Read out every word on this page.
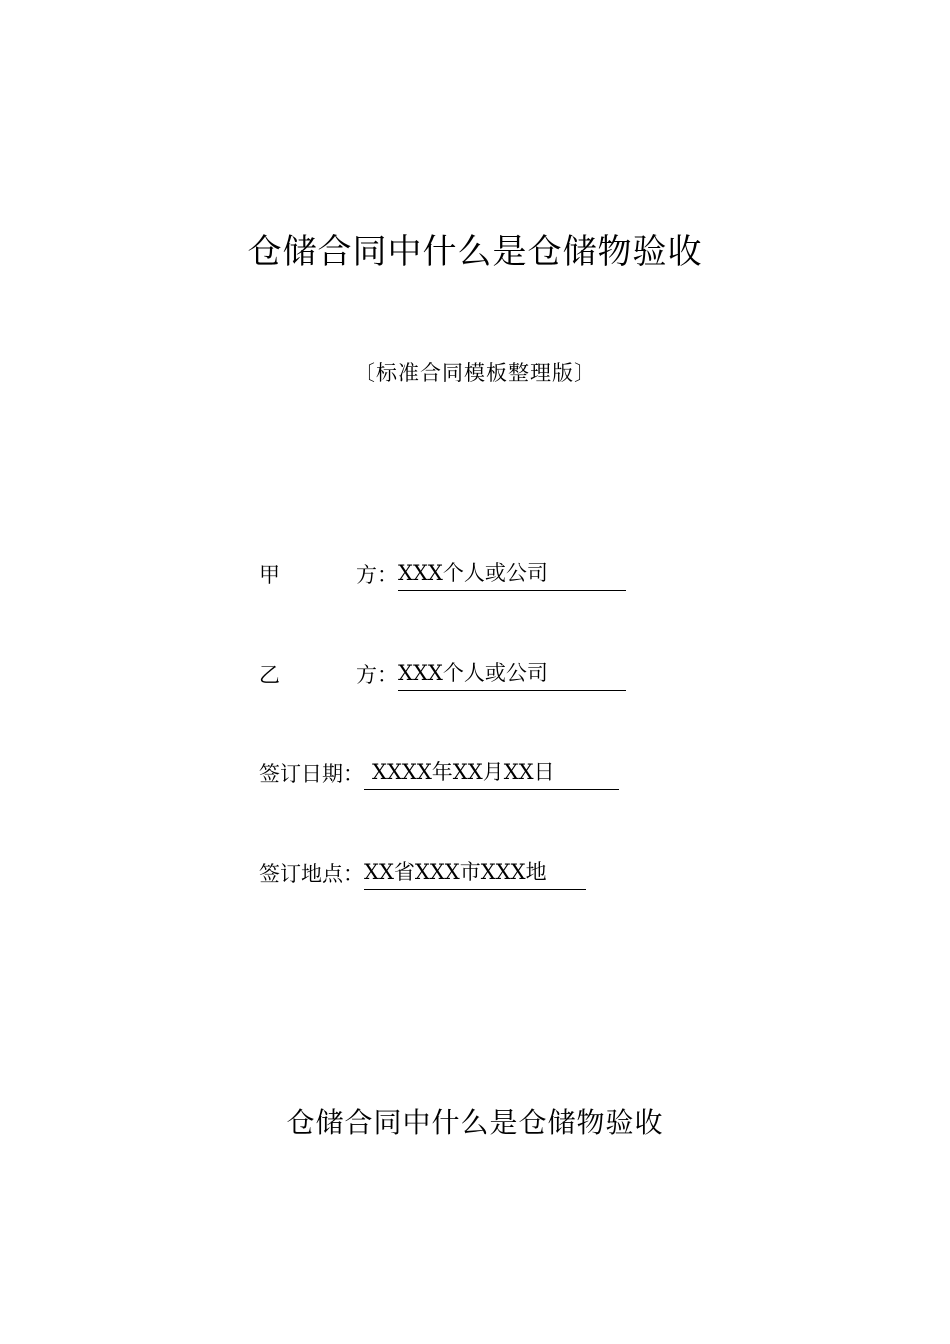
仓储合同中什么是仓储物验收
〔标准合同模板整理版〕
甲	方 ：XXX个人或公司
乙	方 ：XXX个人或公司
签订日期： XXXX年XX月XX日
签订地点：XX省XXX市XXX地
仓储合同中什么是仓储物验收
